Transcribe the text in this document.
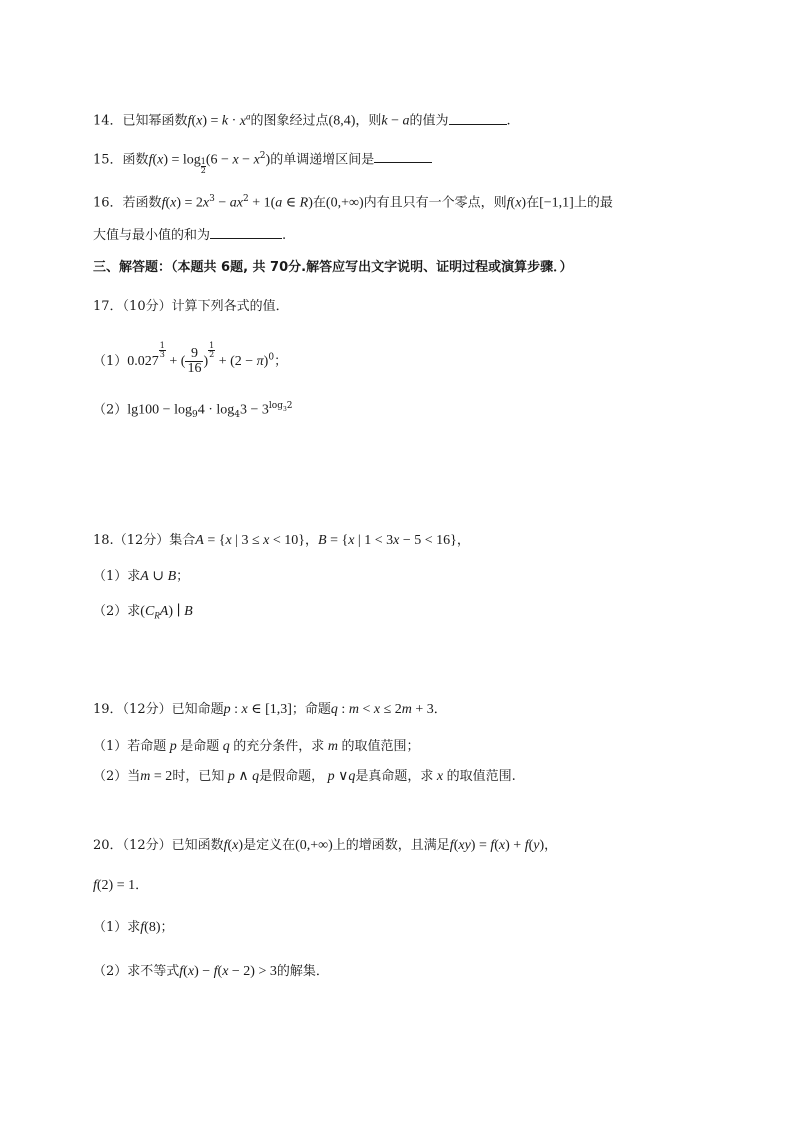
14．已知幂函数$f(x) = k \cdot x^a$的图象经过点(8,4)，则k − a的值为	.
15．函数$f(x) = \log \frac{1}{2} (6 - x - x^2)$的单调递增区间是
16．若函数$f(x) = 2x^3 - ax^2 + 1(a$ ∈ R)在(0,+∞)内有且只有一个零点，则f(x)在[−1,1]上的最
大值与最小值的和为	.
三、解答题：（本题共 6题, 共 70分.解答应写出文字说明、证明过程或演算步骤．）
17．（10分）计算下列各式的值．
（1）0.027
$\frac{1}{3}$
+ ( $\frac{9}{16}$ )
$\frac{1}{2}$
+ $(2 - \pi)^0$；
$(2)\lg 100 - \log_94 \cdot \log_43 - 3^{log_32}$
18.（12分）集合A = {x | 3 ≤ x < 10}，B = {x | 1 < 3x − 5 < 16}，
（1）求A ∪ B；
（2）求$(C_RA)$ ∣ B
19．（12分）已知命题p : x ∈ [1,3]；命题q : m < x ≤ 2m + 3．
（1）若命题 p 是命题 q 的充分条件，求 m 的取值范围；
（2）当m = 2时，已知 p ∧ q是假命题， p ∨q是真命题，求 x 的取值范围.
20．（12分）已知函数f(x)是定义在(0,+∞)上的增函数，且满足f(xy) = f(x) + f(y)，
f(2) = 1．
（1）求f(8)；
（2）求不等式f(x) − f(x − 2) > 3的解集．
